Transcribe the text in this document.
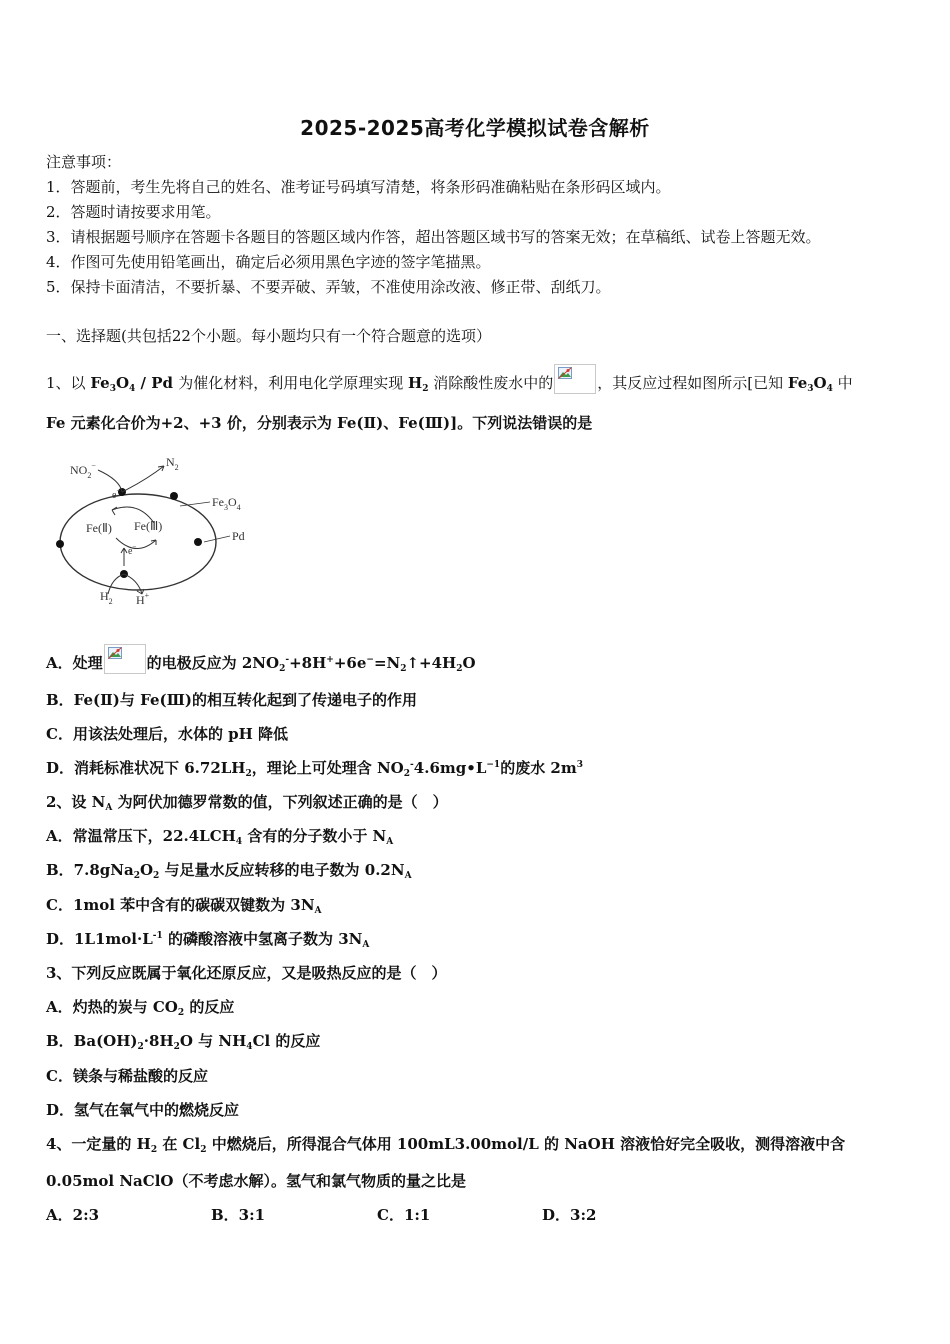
2025-2025高考化学模拟试卷含解析
注意事项：
1．答题前，考生先将自己的姓名、准考证号码填写清楚，将条形码准确粘贴在条形码区域内。
2．答题时请按要求用笔。
3．请根据题号顺序在答题卡各题目的答题区域内作答，超出答题区域书写的答案无效；在草稿纸、试卷上答题无效。
4．作图可先使用铅笔画出，确定后必须用黑色字迹的签字笔描黑。
5．保持卡面清洁，不要折暴、不要弄破、弄皱，不准使用涂改液、修正带、刮纸刀。
一、选择题(共包括22个小题。每小题均只有一个符合题意的选项）
1、以 $Fe_3O_4$ / Pd 为催化材料，利用电化学原理实现 $H_2$ 消除酸性废水中的	，其反应过程如图所示[已知 $Fe_3O_4$ 中
Fe 元素化合价为+2、+3 价，分别表示为 Fe(Ⅱ)、Fe(Ⅲ)]。下列说法错误的是
$NO_2^-$	$N_2$
e−
$Fe_3O_4$
Fe(Ⅱ) Fe(Ⅲ)
Pd
e−
$H_2$ H+
A．处理	的电极反应为 $2NO_2^-+8H^++6e^-=N_2↑+4H_2O$
B．Fe(Ⅱ)与 Fe(Ⅲ)的相互转化起到了传递电子的作用
C．用该法处理后，水体的 pH 降低
D．消耗标准状况下 $6.72LH_2$，理论上可处理含 $NO_2^-4.6mg•L^{-1}$的废水 $2m^3$
2、设 $N_A$ 为阿伏加德罗常数的值，下列叙述正确的是（　）
A．常温常压下，$22.4LCH_4$ 含有的分子数小于 $N_A$
B．$7.8gNa_2O_2$ 与足量水反应转移的电子数为 $0.2N_A$
C．1mol 苯中含有的碳碳双键数为 $3N_A$
D．$1L1mol\cdot L^{-1}$ 的磷酸溶液中氢离子数为 $3N_A$
3、下列反应既属于氧化还原反应，又是吸热反应的是（　）
A．灼热的炭与 $CO_2$ 的反应
B．$Ba(OH)_2\cdot 8H_2O$ 与 $NH_4Cl$ 的反应
C．镁条与稀盐酸的反应
D．氢气在氧气中的燃烧反应
4、一定量的 $H_2$ 在 $Cl_2$ 中燃烧后，所得混合气体用 100mL3.00mol/L 的 NaOH 溶液恰好完全吸收，测得溶液中含
0.05mol NaClO（不考虑水解）。氢气和氯气物质的量之比是
A．2:3	B．3:1	C．1:1	D．3:2
